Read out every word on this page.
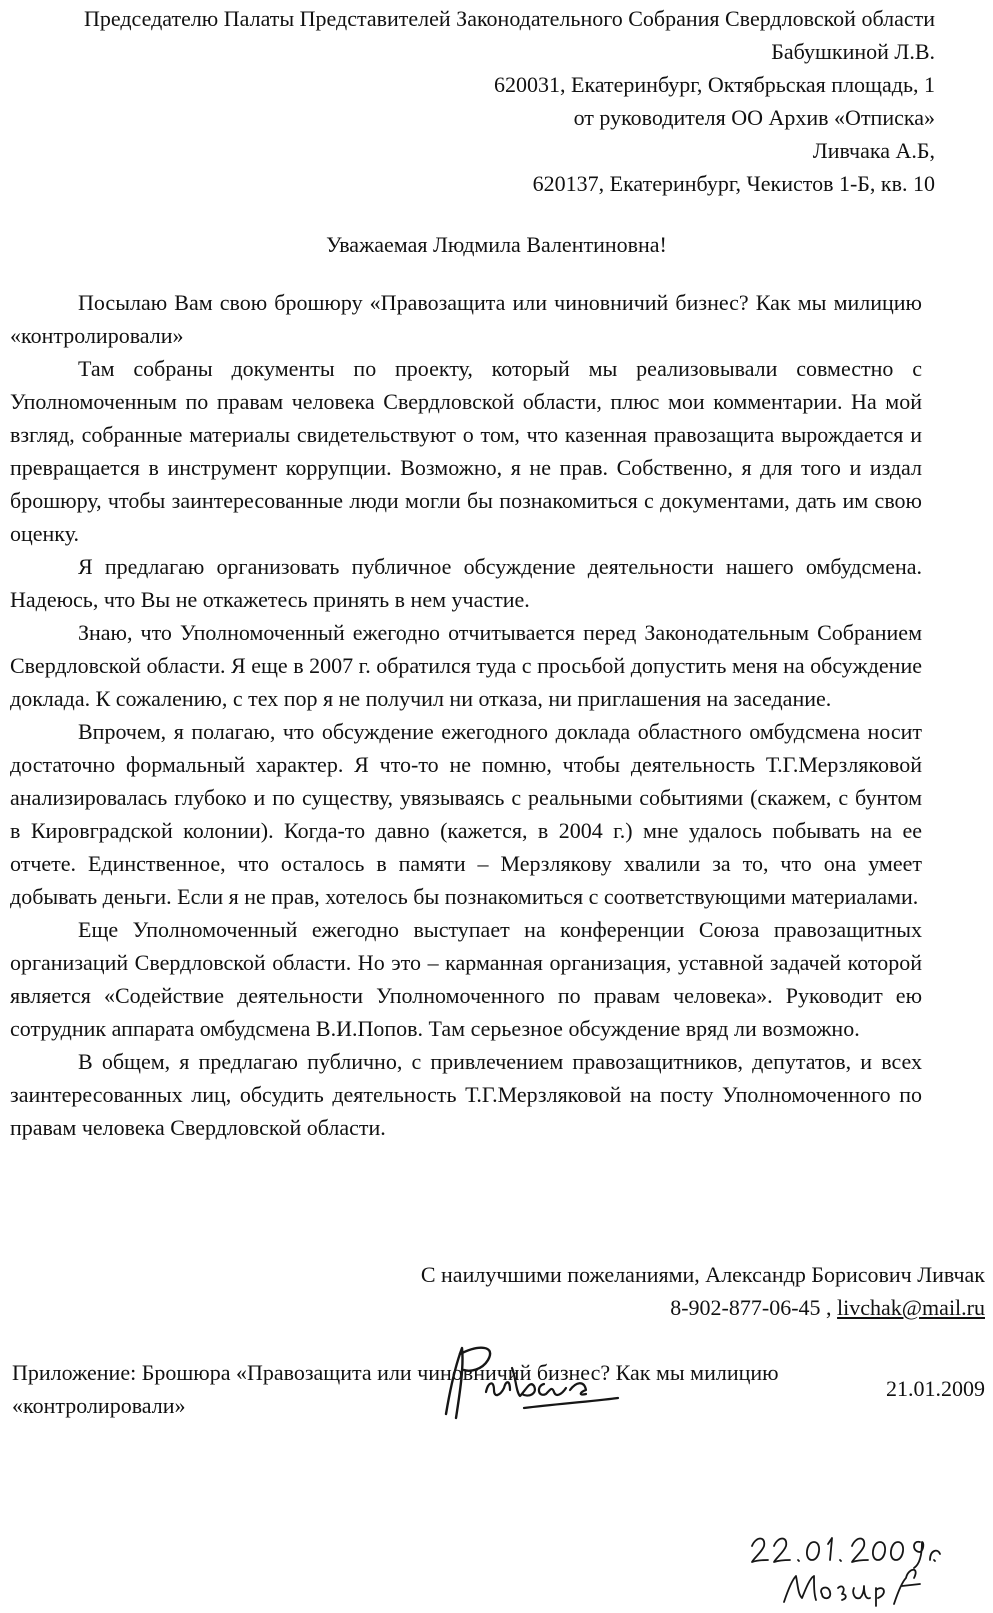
Председателю Палаты Представителей Законодательного Собрания Свердловской области
Бабушкиной Л.В.
620031, Екатеринбург, Октябрьская площадь, 1
от руководителя ОО Архив «Отписка»
Ливчака А.Б,
620137, Екатеринбург, Чекистов 1-Б, кв. 10
Уважаемая Людмила Валентиновна!

Посылаю Вам свою брошюру «Правозащита или чиновничий бизнес? Как мы милицию «контролировали»

Там собраны документы по проекту, который мы реализовывали совместно с Уполномоченным по правам человека Свердловской области, плюс мои комментарии. На мой взгляд, собранные материалы свидетельствуют о том, что казенная правозащита вырождается и превращается в инструмент коррупции. Возможно, я не прав. Собственно, я для того и издал брошюру, чтобы заинтересованные люди могли бы познакомиться с документами, дать им свою оценку.

Я предлагаю организовать публичное обсуждение деятельности нашего омбудсмена. Надеюсь, что Вы не откажетесь принять в нем участие.

Знаю, что Уполномоченный ежегодно отчитывается перед Законодательным Собранием Свердловской области. Я еще в 2007 г. обратился туда с просьбой допустить меня на обсуждение доклада. К сожалению, с тех пор я не получил ни отказа, ни приглашения на заседание.

Впрочем, я полагаю, что обсуждение ежегодного доклада областного омбудсмена носит достаточно формальный характер. Я что-то не помню, чтобы деятельность Т.Г.Мерзляковой анализировалась глубоко и по существу, увязываясь с реальными событиями (скажем, с бунтом в Кировградской колонии). Когда-то давно (кажется, в 2004 г.) мне удалось побывать на ее отчете. Единственное, что осталось в памяти – Мерзлякову хвалили за то, что она умеет добывать деньги. Если я не прав, хотелось бы познакомиться с соответствующими материалами.

Еще Уполномоченный ежегодно выступает на конференции Союза правозащитных организаций Свердловской области. Но это – карманная организация, уставной задачей которой является «Содействие деятельности Уполномоченного по правам человека». Руководит ею сотрудник аппарата омбудсмена В.И.Попов. Там серьезное обсуждение вряд ли возможно.

В общем, я предлагаю публично, с привлечением правозащитников, депутатов, и всех заинтересованных лиц, обсудить деятельность Т.Г.Мерзляковой на посту Уполномоченного по правам человека Свердловской области.

С наилучшими пожеланиями, Александр Борисович Ливчак
8-902-877-06-45 , livchak@mail.ru
Приложение: Брошюра «Правозащита или чиновничий бизнес? Как мы милицию «контролировали»
21.01.2009
